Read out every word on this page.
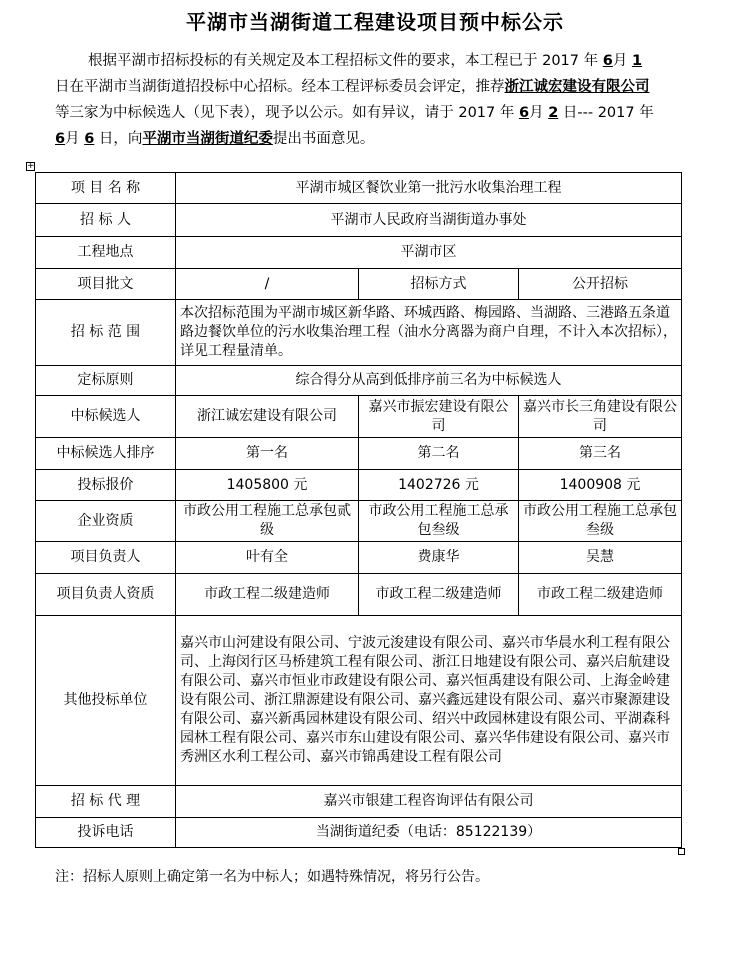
平湖市当湖街道工程建设项目预中标公示

根据平湖市招标投标的有关规定及本工程招标文件的要求，本工程已于 2017 年 6月 1 日在平湖市当湖街道招投标中心招标。经本工程评标委员会评定，推荐浙江诚宏建设有限公司等三家为中标候选人（见下表），现予以公示。如有异议，请于 2017 年 6月 2 日--- 2017 年 6月 6 日，向平湖市当湖街道纪委提出书面意见。

+
项 目 名 称	平湖市城区餐饮业第一批污水收集治理工程		
招 标 人	平湖市人民政府当湖街道办事处		
工程地点	平湖市区		
项目批文	/	招标方式	公开招标
招 标 范 围	本次招标范围为平湖市城区新华路、环城西路、梅园路、当湖路、三港路五条道路边餐饮单位的污水收集治理工程（油水分离器为商户自理，不计入本次招标），详见工程量清单。		
定标原则	综合得分从高到低排序前三名为中标候选人		
中标候选人	浙江诚宏建设有限公司	嘉兴市振宏建设有限公司	嘉兴市长三角建设有限公司
中标候选人排序	第一名	第二名	第三名
投标报价	1405800 元	1402726 元	1400908 元
企业资质	市政公用工程施工总承包贰级	市政公用工程施工总承包叁级	市政公用工程施工总承包叁级
项目负责人	叶有全	费康华	吴慧
项目负责人资质	市政工程二级建造师	市政工程二级建造师	市政工程二级建造师
其他投标单位	嘉兴市山河建设有限公司、宁波元浚建设有限公司、嘉兴市华晨水利工程有限公司、上海闵行区马桥建筑工程有限公司、浙江日地建设有限公司、嘉兴启航建设有限公司、嘉兴市恒业市政建设有限公司、嘉兴恒禹建设有限公司、上海金岭建设有限公司、浙江鼎源建设有限公司、嘉兴鑫远建设有限公司、嘉兴市聚源建设有限公司、嘉兴新禹园林建设有限公司、绍兴中政园林建设有限公司、平湖森科园林工程有限公司、嘉兴市东山建设有限公司、嘉兴华伟建设有限公司、嘉兴市秀洲区水利工程公司、嘉兴市锦禹建设工程有限公司		
招 标 代 理	嘉兴市银建工程咨询评估有限公司		
投诉电话	当湖街道纪委（电话：85122139）		
注：招标人原则上确定第一名为中标人；如遇特殊情况，将另行公告。
